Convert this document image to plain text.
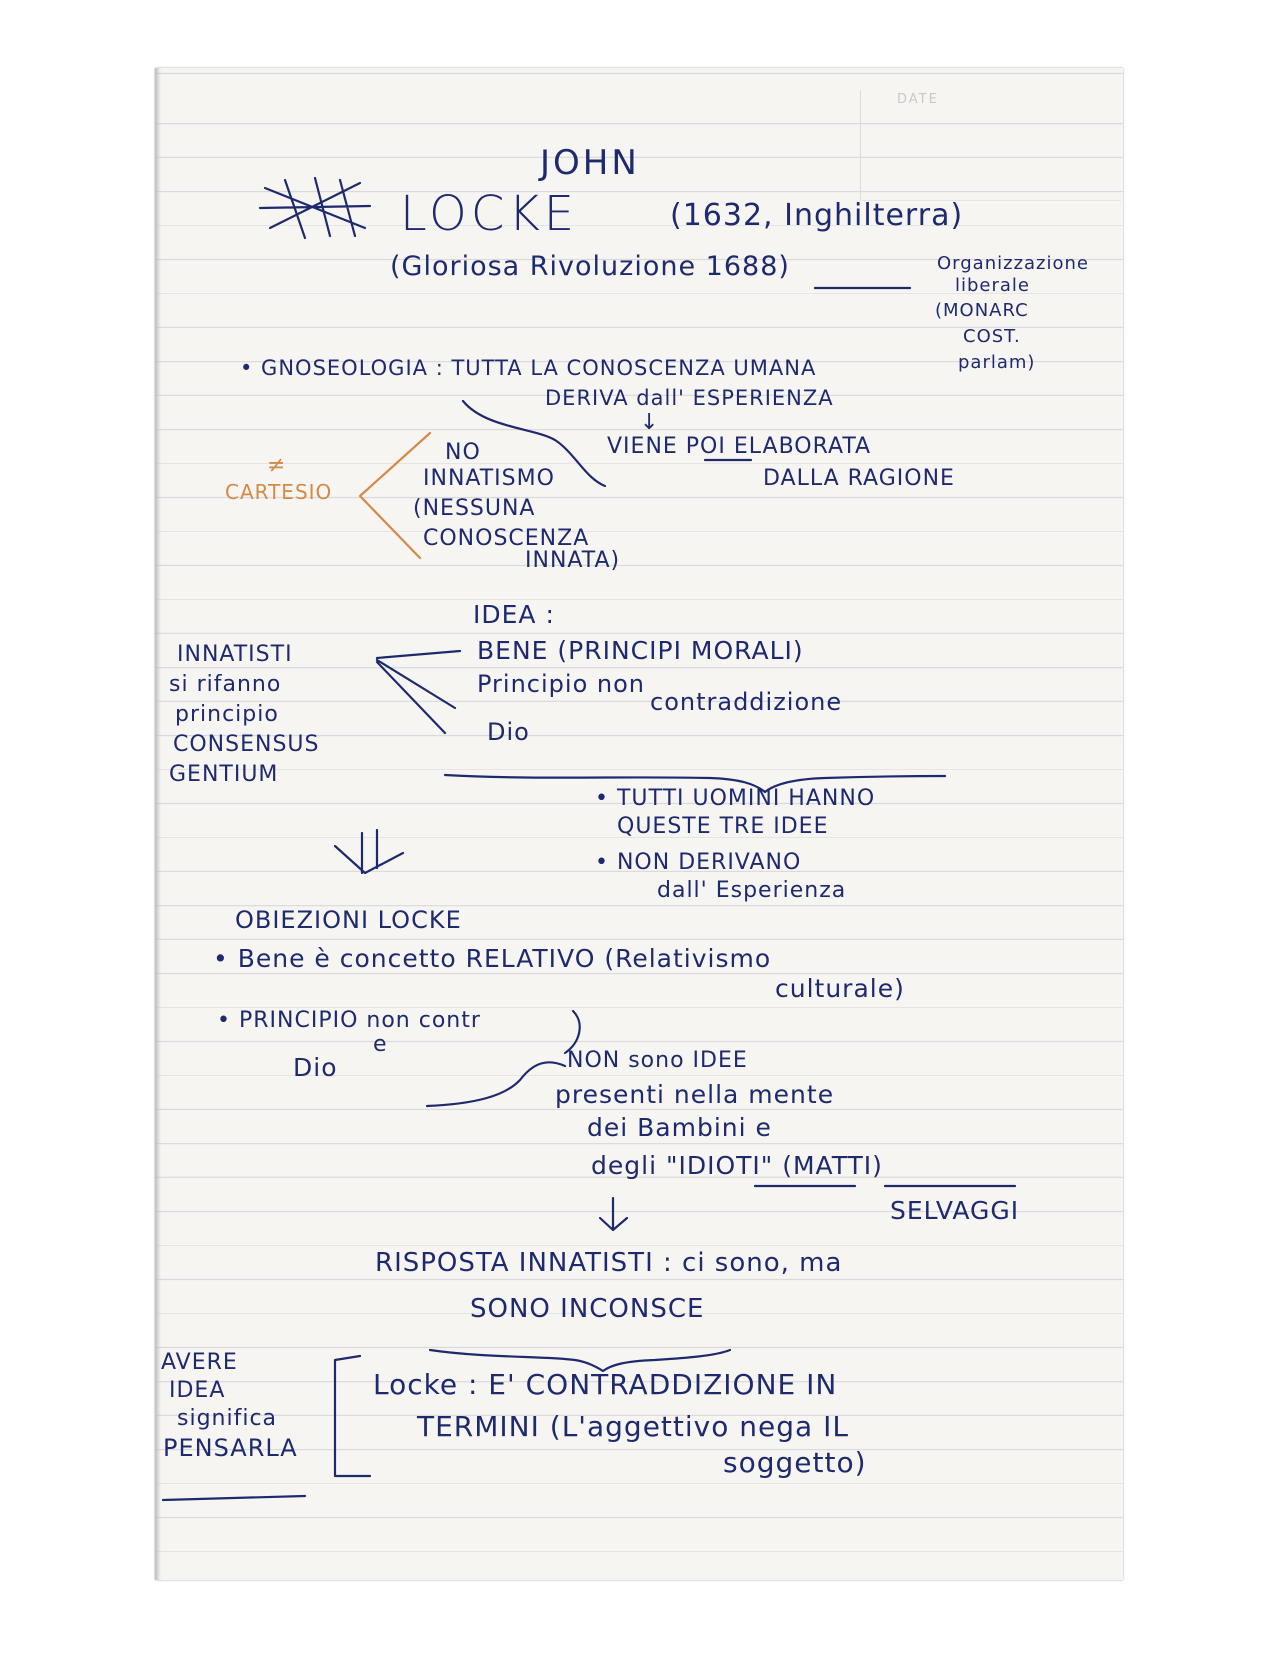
DATE
JOHN
LOCKE	(1632, Inghilterra)
(Gloriosa Rivoluzione 1688)	Organizzazione
liberale
(MONARC
COST.
parlam)
• GNOSEOLOGIA : TUTTA LA CONOSCENZA UMANA
DERIVA dall' ESPERIENZA
↓
VIENE POI ELABORATA
DALLA RAGIONE
NO
INNATISMO
(NESSUNA
CONOSCENZA
INNATA)
≠
CARTESIO
INNATISTI
si rifanno
principio
CONSENSUS
GENTIUM
IDEA :
BENE (PRINCIPI MORALI)
Principio non
contraddizione
Dio
• TUTTI UOMINI HANNO
QUESTE TRE IDEE
• NON DERIVANO
dall' Esperienza
OBIEZIONI LOCKE
• Bene è concetto RELATIVO (Relativismo
culturale)
• PRINCIPIO non contr
e
Dio	NON sono IDEE
presenti nella mente
dei Bambini e
degli "IDIOTI" (MATTI)
SELVAGGI
RISPOSTA INNATISTI : ci sono, ma
SONO INCONSCE
AVERE
IDEA
significa
PENSARLA
Locke : E' CONTRADDIZIONE IN
TERMINI (L'aggettivo nega IL
soggetto)
